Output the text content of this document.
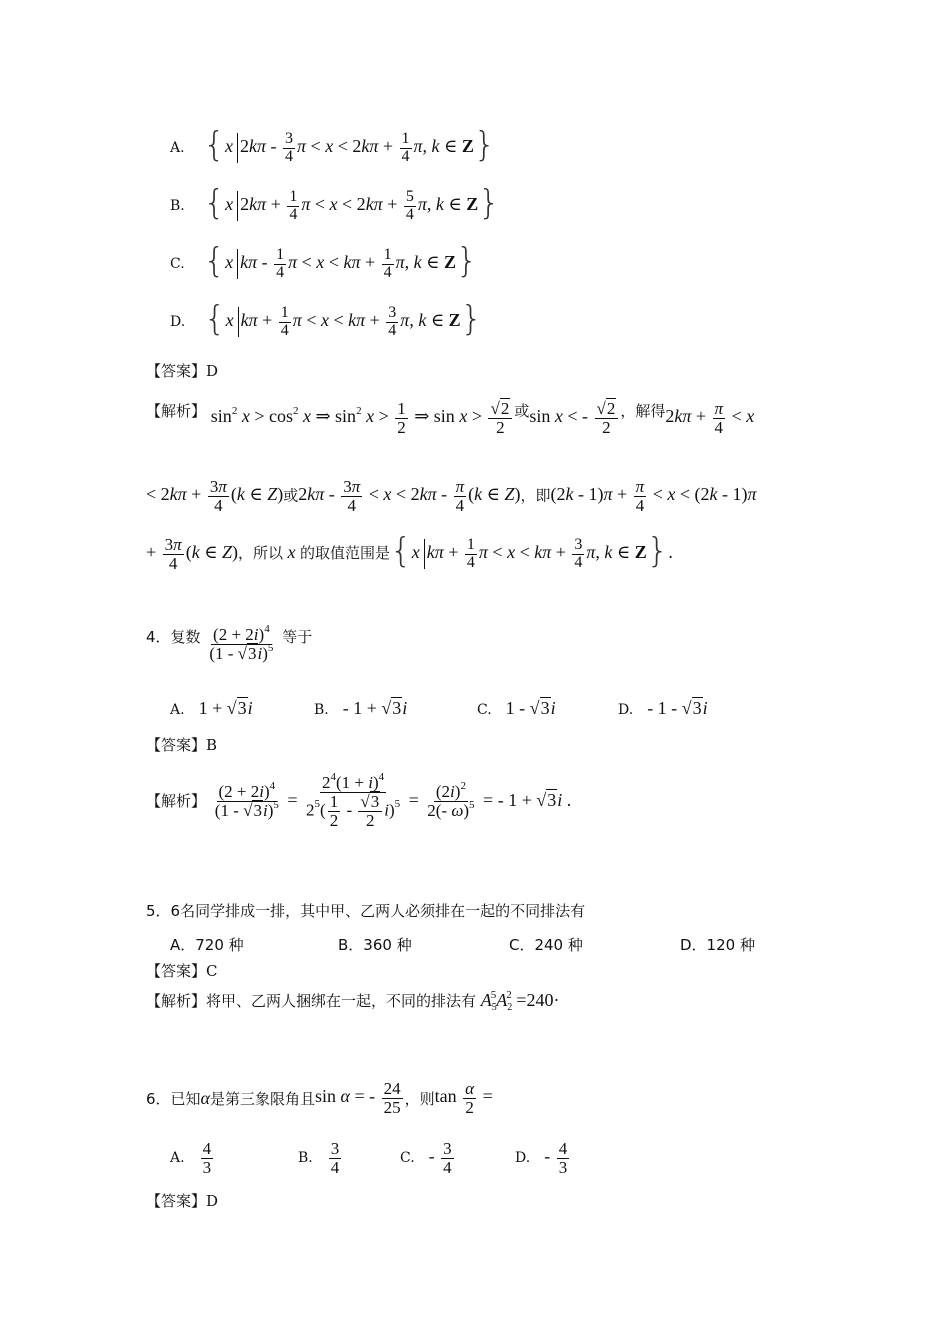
A. {x $2k\pi - \frac{3}{4}$ $\pi < x < 2k\pi + \frac{1}{4} \pi$, k ∈ Z}
B. {x $2k\pi + \frac{1}{4}$ $\pi < x < 2k\pi + \frac{5}{4} \pi$, k ∈ Z}
C. {x kπ - $\frac{1}{4}$ $\pi < x < k\pi + \frac{1}{4} \pi$, k ∈ Z}
D. {x $k\pi + \frac{1}{4}$ $\pi < x < k\pi + \frac{3}{4} \pi$, k ∈ Z}
【答案】D
【解析】 $\sin^2 x > \cos^2 x$ ⇒ $\sin^2 x > \frac{1}{2}$ ⇒ $\sin x > \frac{√2}{2}$ 或sin x < - $\frac{√2}{2}$ ，解得$2k\pi + \frac{\pi}{4} < x$
< $2k\pi + \frac{3\pi}{4} (k$ ∈ Z)或$2k\pi - \frac{3\pi}{4} < x < 2k\pi - \frac{\pi}{4} (k$ ∈ Z)，即$(2k - 1)\pi + \frac{\pi}{4} < x < (2k - 1)\pi$
+ $\frac{3\pi}{4} (k$ ∈ Z)，所以 x 的取值范围是{x $k\pi + \frac{1}{4}$ $\pi < x < k\pi + \frac{3}{4} \pi$, k ∈ Z}.
4．复数 $\frac{(2 + 2i)^4}{(1 - √3i)^5}$ 等于
A. 1 + √3i	B. - 1 + √3i	C. 1 - √3i	D. - 1 - √3i
【答案】B
【解析】 $\frac{(2 + 2i)^4}{(1 - √3i)^5} = \frac{2^4(1 + i)^4}{2^5( \frac{1}{2} - \frac{√3}{2} i)^5} = \frac{(2i)^2}{2(- \omega)^5}$ = - 1 + √3i .
5．6名同学排成一排，其中甲、乙两人必须排在一起的不同排法有
A．720 种	B．360 种	C．240 种	D．120 种
【答案】C
【解析】将甲、乙两人捆绑在一起，不同的排法有 $A_5^5A_2^2 =240\cdot$
6．已知α是第三象限角且sin α = - $\frac{24}{25}$ ，则$\tan \frac{\alpha}{2}$ =
A. $\frac{4}{3}$	B. $\frac{3}{4}$	C. - $\frac{3}{4}$	D. - $\frac{4}{3}$
【答案】D
